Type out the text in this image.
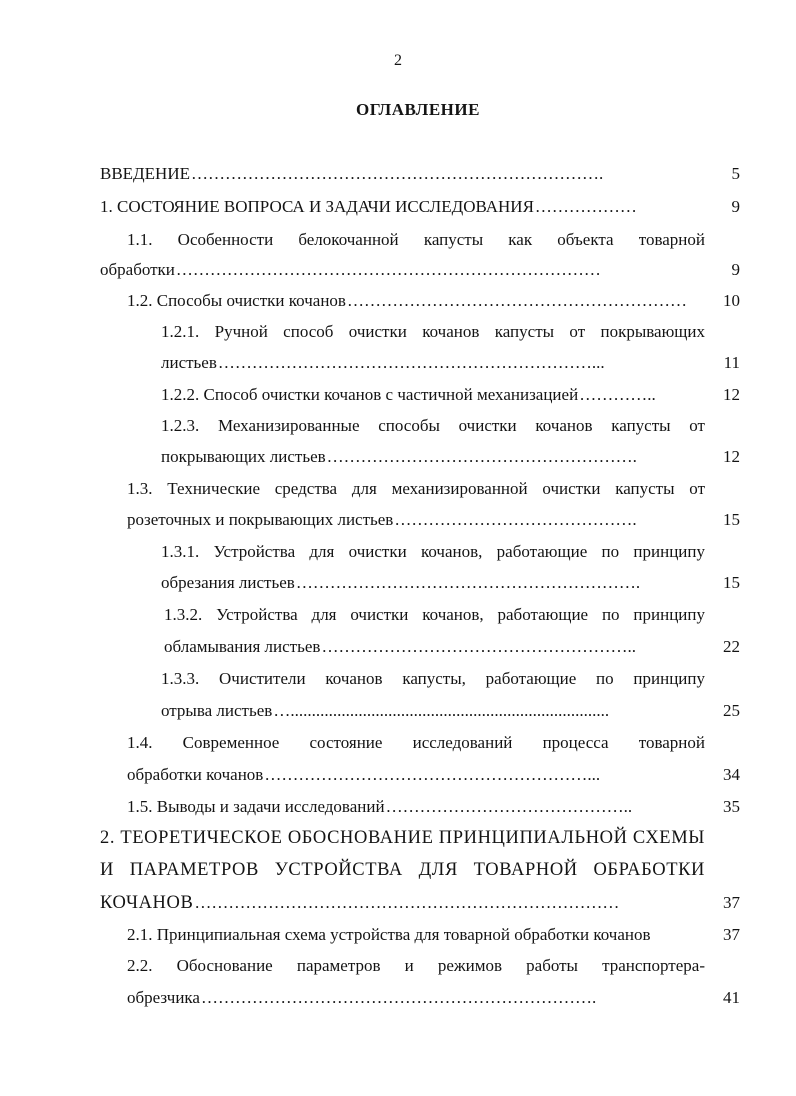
2
ОГЛАВЛЕНИЕ
ВВЕДЕНИЕ ……………………………………………………………….	5
1. СОСТОЯНИЕ ВОПРОСА И ЗАДАЧИ ИССЛЕДОВАНИЯ ………………	9
1.1. Особенности белокочанной капусты как объекта товарной
обработки …………………………………………………………………	9
1.2. Способы очистки кочанов ……………………………………………………	10
1.2.1. Ручной способ очистки кочанов капусты от покрывающих
листьев …………………………………………………………...	11
1.2.2. Способ очистки кочанов с частичной механизацией …………..	12
1.2.3. Механизированные способы очистки кочанов капусты от
покрывающих листьев ……………………………………………….	12
1.3. Технические средства для механизированной очистки капусты от
розеточных и покрывающих листьев …………………………………….	15
1.3.1. Устройства для очистки кочанов, работающие по принципу
обрезания листьев …………………………………………………….	15
1.3.2. Устройства для очистки кочанов, работающие по принципу
обламывания листьев ………………………………………………..	22
1.3.3. Очистители кочанов капусты, работающие по принципу
отрыва листьев …...........................................................................	25
1.4. Современное состояние исследований процесса товарной
обработки кочанов …………………………………………………...	34
1.5. Выводы и задачи исследований ……………………………………..	35
2. ТЕОРЕТИЧЕСКОЕ ОБОСНОВАНИЕ ПРИНЦИПИАЛЬНОЙ СХЕМЫ
И ПАРАМЕТРОВ УСТРОЙСТВА ДЛЯ ТОВАРНОЙ ОБРАБОТКИ
КОЧАНОВ …………………………………………………………………	37
2.1. Принципиальная схема устройства для товарной обработки кочанов	37
2.2. Обоснование параметров и режимов работы транспортера-
обрезчика …………………………………………………………….	41
